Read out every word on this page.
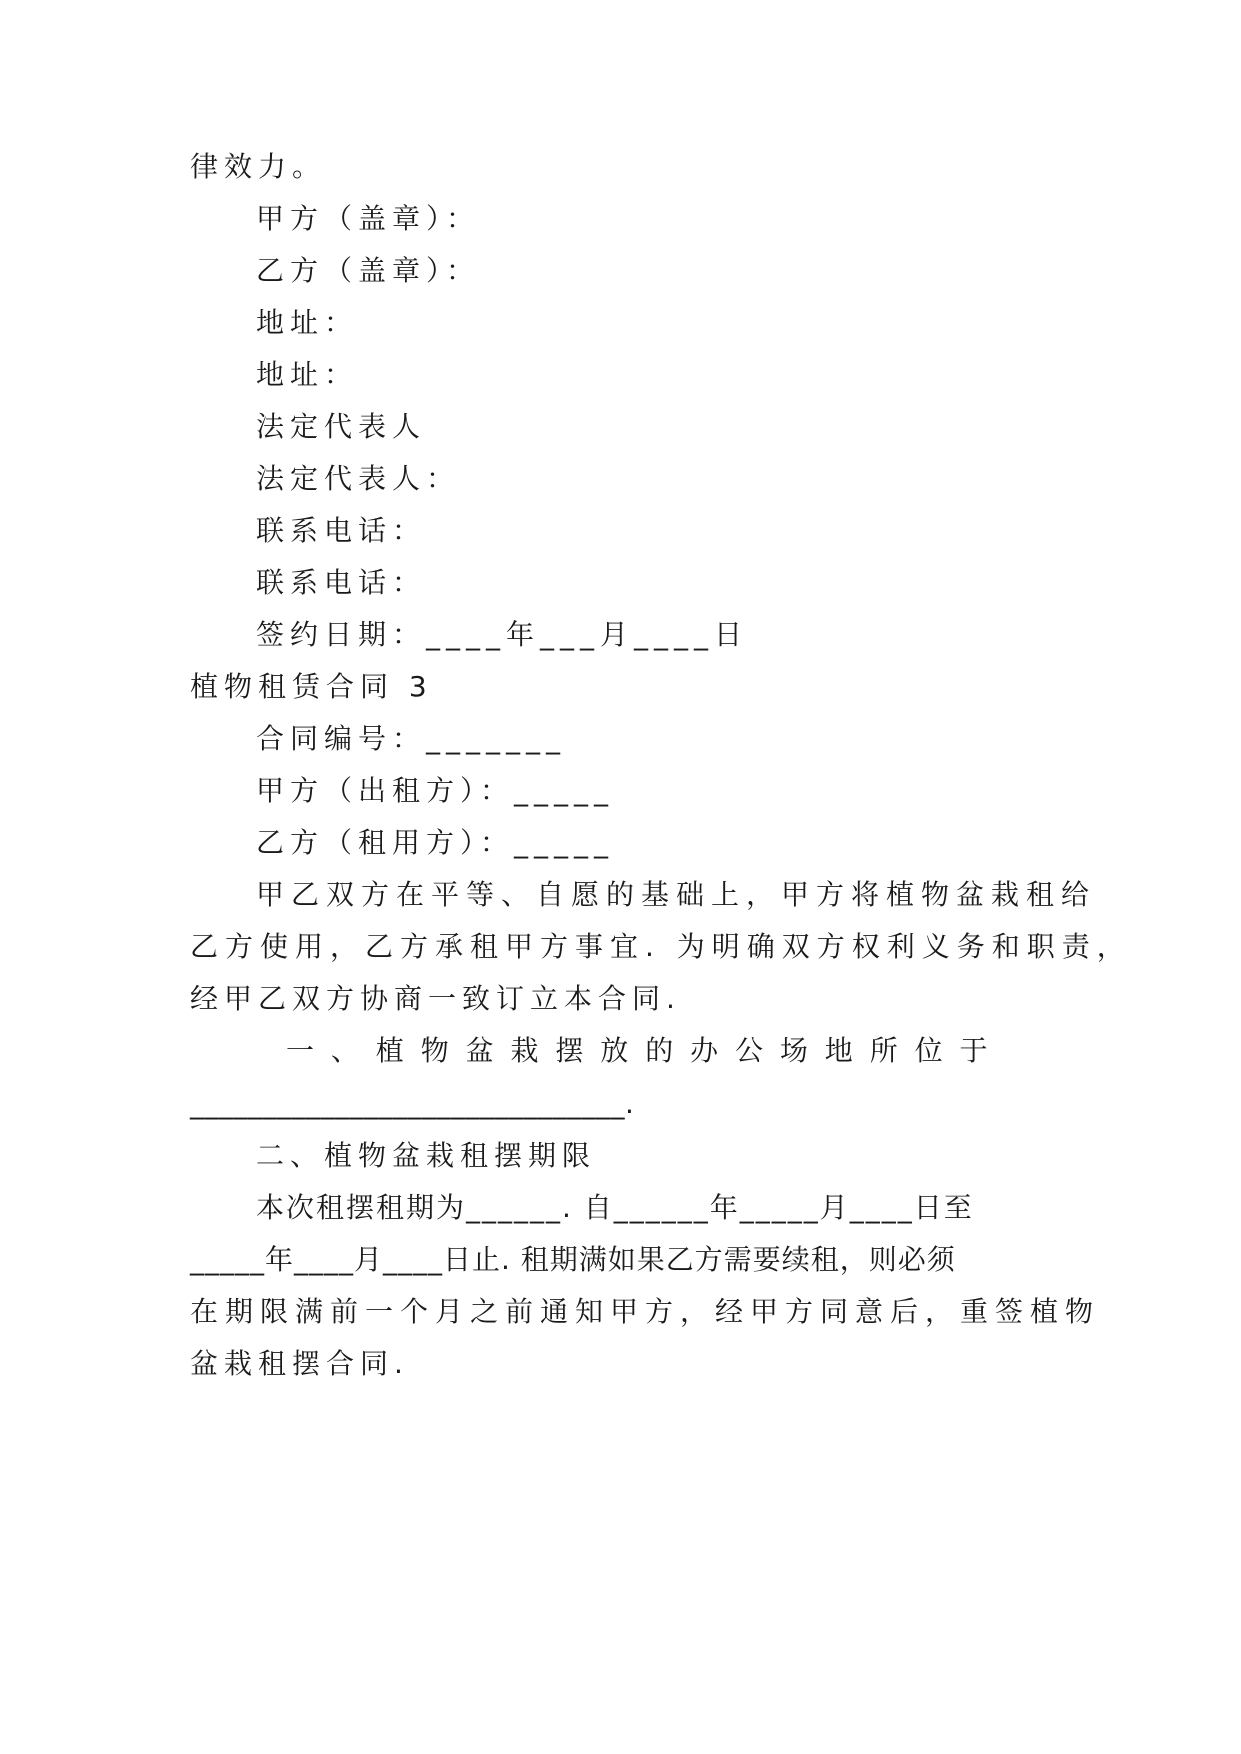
律效力。
甲方（盖章）：
乙方（盖章）：
地址：
地址：
法定代表人
法定代表人：
联系电话：
联系电话：
签约日期：____年___月____日
植物租赁合同 3
合同编号：_______
甲方（出租方）：_____
乙方（租用方）：_____
甲乙双方在平等、自愿的基础上，甲方将植物盆栽租给
乙方使用，乙方承租甲方事宜. 为明确双方权利义务和职责，
经甲乙双方协商一致订立本合同.
一 、 植 物 盆 栽 摆 放 的 办 公 场 地 所 位 于
______________________________.
二、植物盆栽租摆期限
本次租摆租期为______. 自______年_____月____日至
_____年____月____日止. 租期满如果乙方需要续租，则必须
在期限满前一个月之前通知甲方，经甲方同意后，重签植物
盆栽租摆合同.
